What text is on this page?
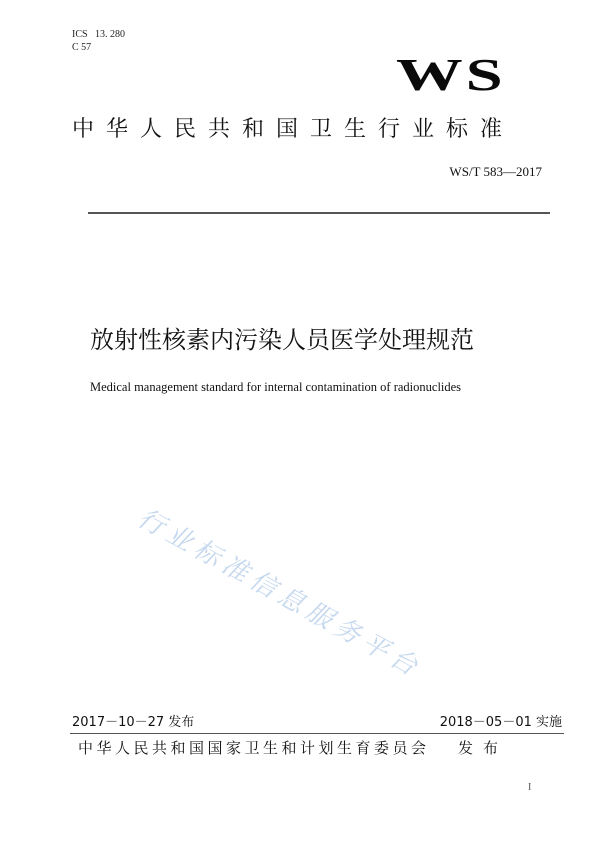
ICS   13. 280
C 57
WS
中华人民共和国卫生行业标准
WS/T 583—2017
放射性核素内污染人员医学处理规范
Medical management standard for internal contamination of radionuclides
行业标准信息服务平台
2017－10－27 发布	2018－05－01 实施
中华人民共和国国家卫生和计划生育委员会 发布
I
